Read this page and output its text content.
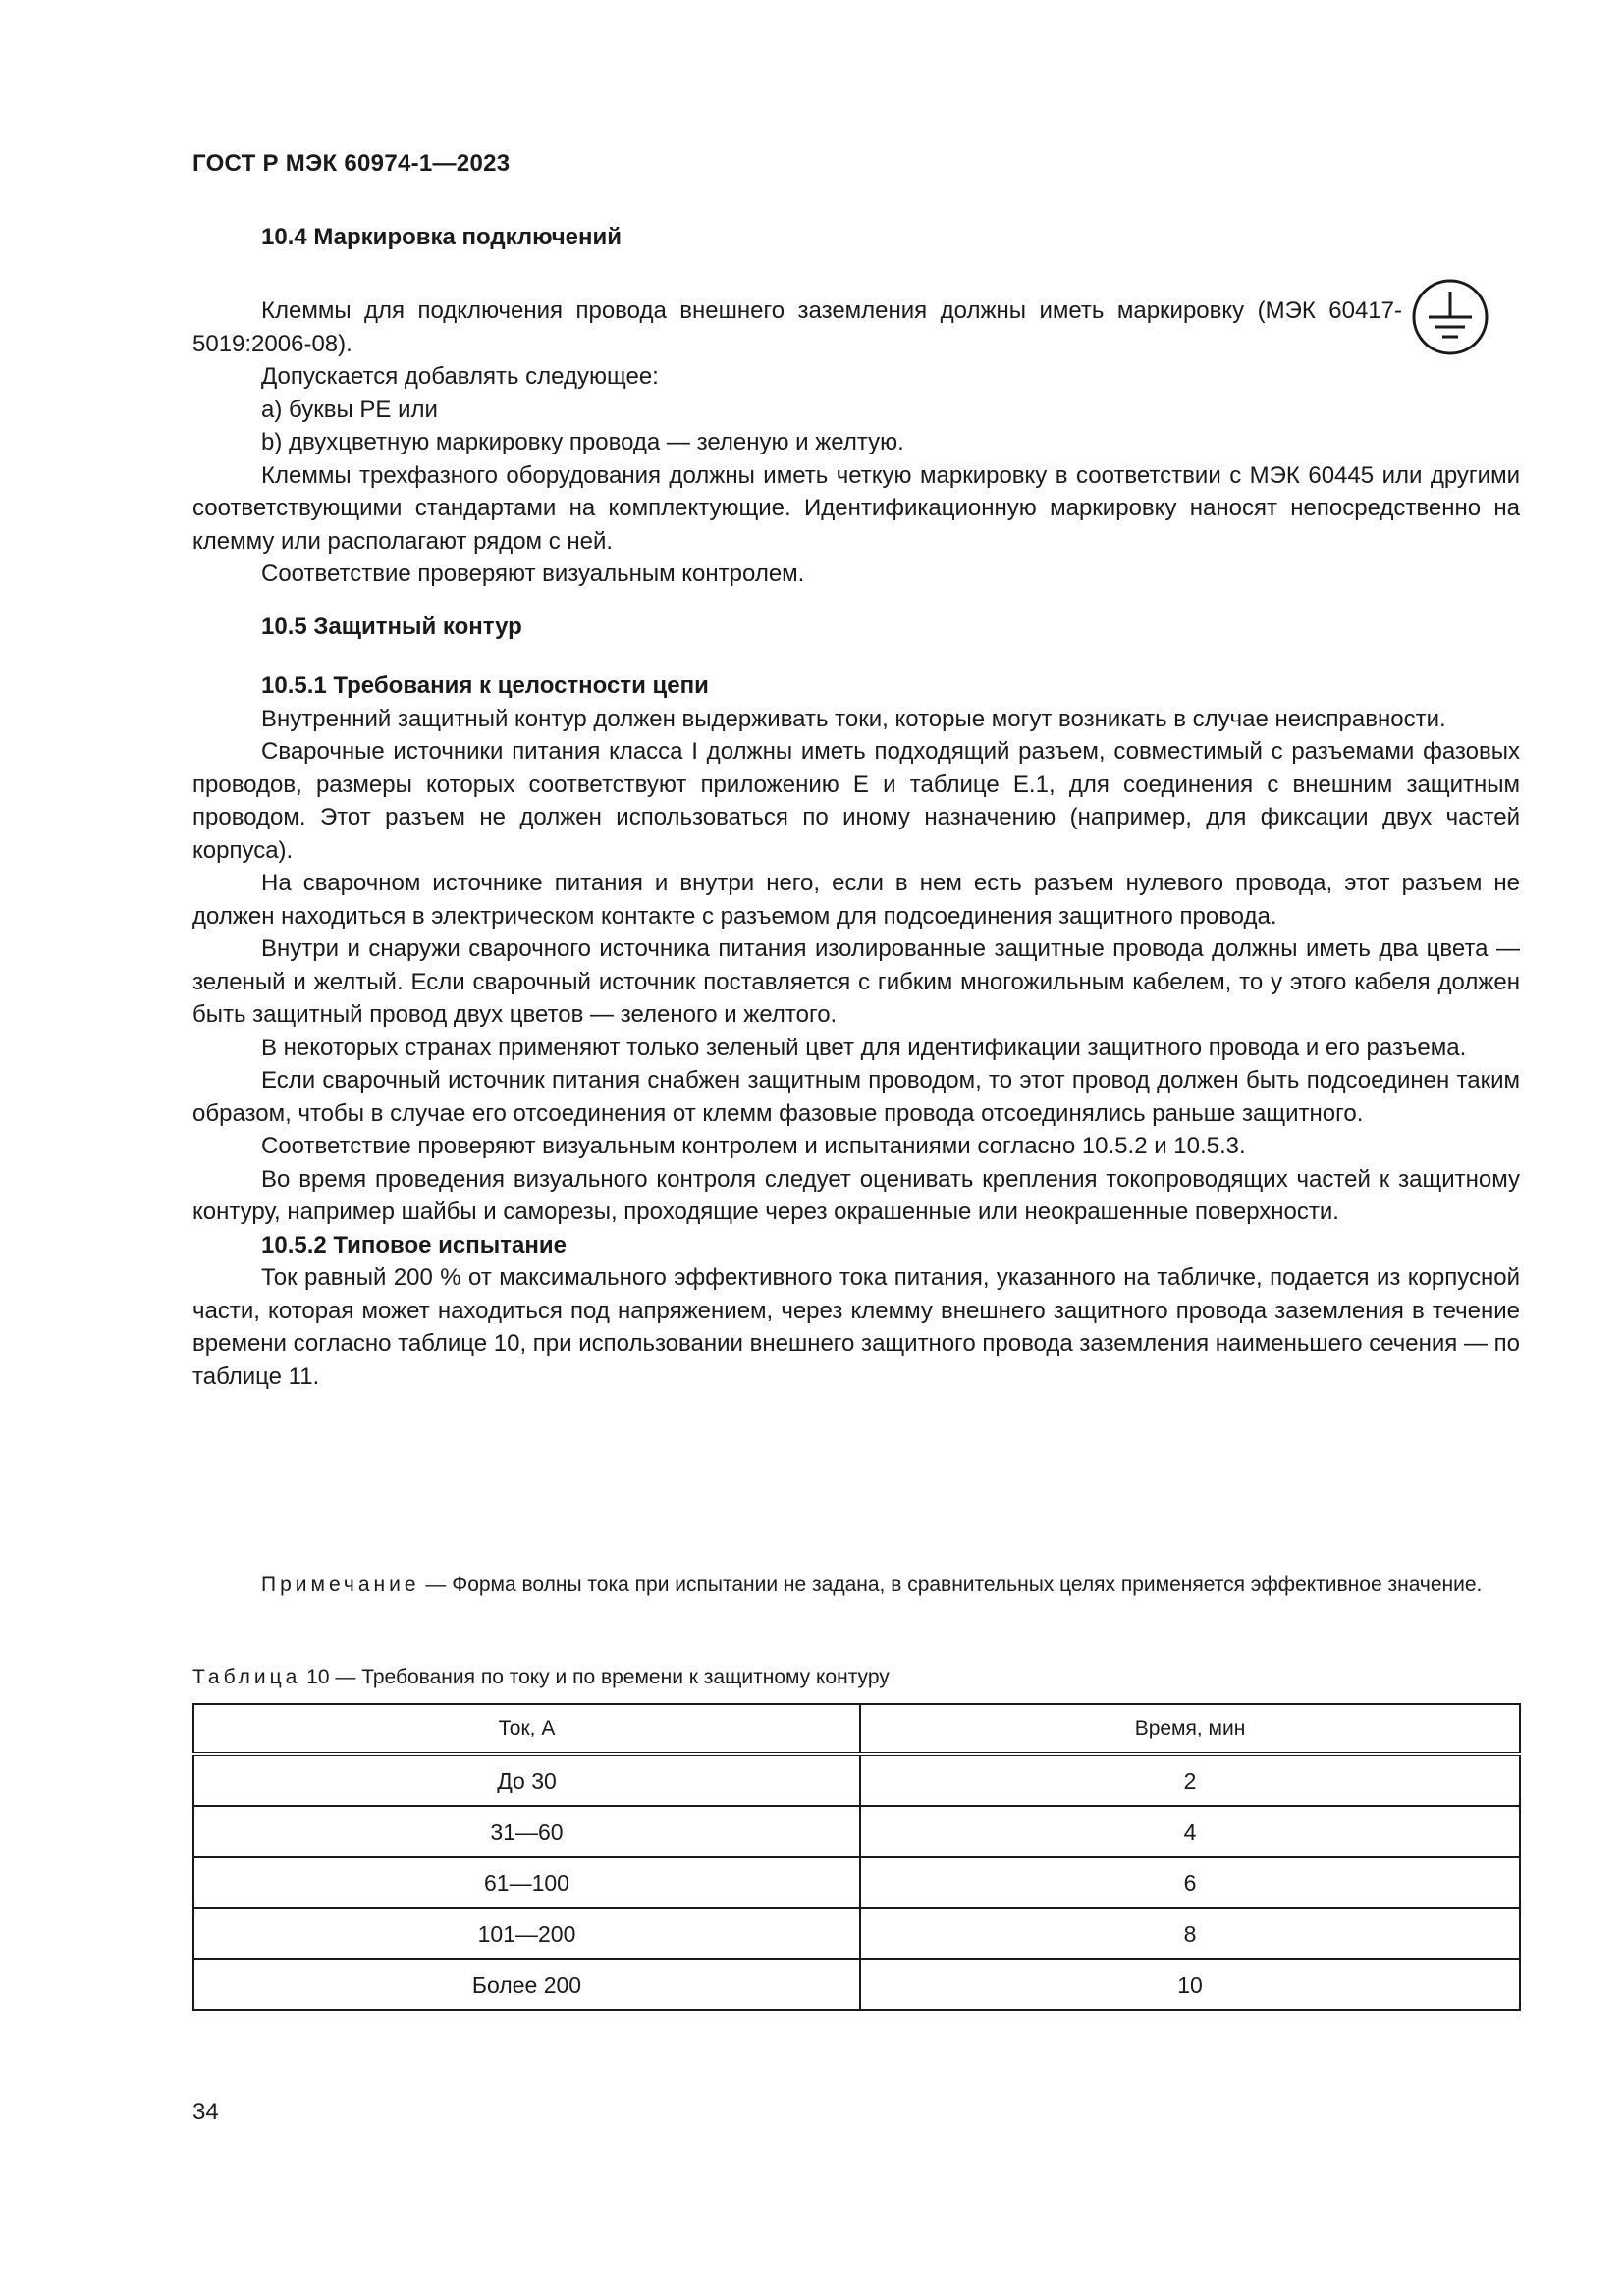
ГОСТ Р МЭК 60974-1—2023
10.4 Маркировка подключений

Клеммы для подключения провода внешнего заземления должны иметь маркировку (МЭК 60417-5019:2006-08).

Допускается добавлять следующее:

a) буквы PE или

b) двухцветную маркировку провода — зеленую и желтую.

Клеммы трехфазного оборудования должны иметь четкую маркировку в соответствии с МЭК 60445 или другими соответствующими стандартами на комплектующие. Идентификационную маркировку наносят непосредственно на клемму или располагают рядом с ней.

Соответствие проверяют визуальным контролем.

10.5 Защитный контур
10.5.1 Требования к целостности цепи

Внутренний защитный контур должен выдерживать токи, которые могут возникать в случае неисправности.

Сварочные источники питания класса I должны иметь подходящий разъем, совместимый с разъемами фазовых проводов, размеры которых соответствуют приложению E и таблице E.1, для соединения с внешним защитным проводом. Этот разъем не должен использоваться по иному назначению (например, для фиксации двух частей корпуса).

На сварочном источнике питания и внутри него, если в нем есть разъем нулевого провода, этот разъем не должен находиться в электрическом контакте с разъемом для подсоединения защитного провода.

Внутри и снаружи сварочного источника питания изолированные защитные провода должны иметь два цвета — зеленый и желтый. Если сварочный источник поставляется с гибким многожильным кабелем, то у этого кабеля должен быть защитный провод двух цветов — зеленого и желтого.

В некоторых странах применяют только зеленый цвет для идентификации защитного провода и его разъема.

Если сварочный источник питания снабжен защитным проводом, то этот провод должен быть подсоединен таким образом, чтобы в случае его отсоединения от клемм фазовые провода отсоединялись раньше защитного.

Соответствие проверяют визуальным контролем и испытаниями согласно 10.5.2 и 10.5.3.

Во время проведения визуального контроля следует оценивать крепления токопроводящих частей к защитному контуру, например шайбы и саморезы, проходящие через окрашенные или неокрашенные поверхности.

10.5.2 Типовое испытание

Ток равный 200 % от максимального эффективного тока питания, указанного на табличке, подается из корпусной части, которая может находиться под напряжением, через клемму внешнего защитного провода заземления в течение времени согласно таблице 10, при использовании внешнего защитного провода заземления наименьшего сечения — по таблице 11.

Примечание — Форма волны тока при испытании не задана, в сравнительных целях применяется эффективное значение.

Таблица 10 — Требования по току и по времени к защитному контуру
Ток, А	Время, мин
До 30	2
31—60	4
61—100	6
101—200	8
Более 200	10
34
